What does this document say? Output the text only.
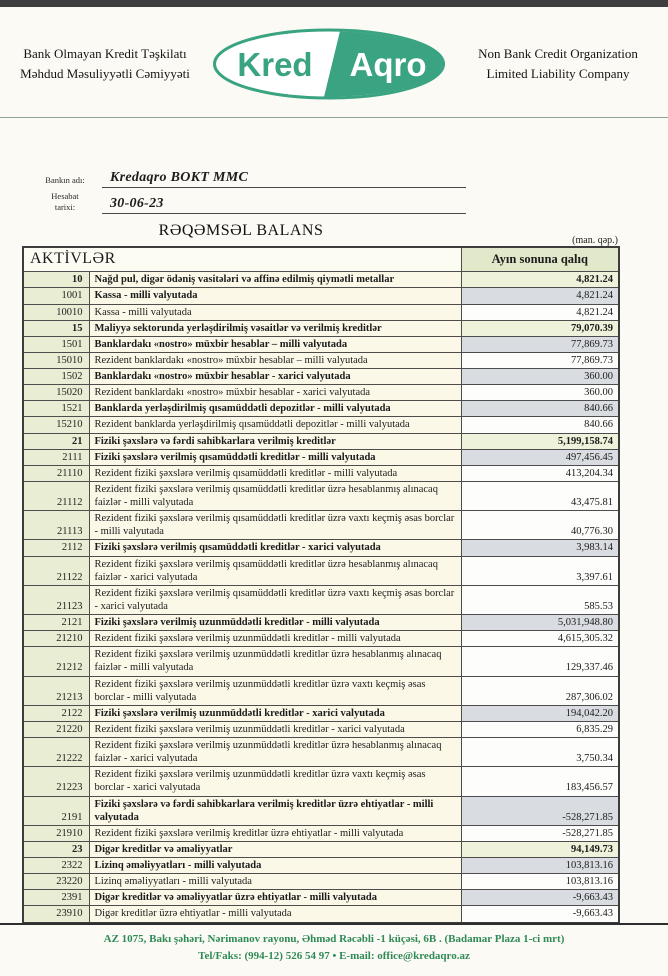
Bank Olmayan Kredit Təşkilatı
Məhdud Məsuliyyətli Cəmiyyəti	Kred Aqro	Non Bank Credit Organization
Limited Liability Company
Bankın adı:	Kredaqro BOKT MMC
Hesabat
tarixi:	30-06-23
RƏQƏMSƏL BALANS
(man. qəp.)
AKTİVLƏR		Ayın sonuna qalıq
10	Nağd pul, digər ödəniş vasitələri və affinə edilmiş qiymətli metallar	4,821.24
1001	Kassa - milli valyutada	4,821.24
10010	Kassa - milli valyutada	4,821.24
15	Maliyyə sektorunda yerləşdirilmiş vəsaitlər və verilmiş kreditlər	79,070.39
1501	Banklardakı «nostro» müxbir hesablar – milli valyutada	77,869.73
15010	Rezident banklardakı «nostro» müxbir hesablar – milli valyutada	77,869.73
1502	Banklardakı «nostro» müxbir hesablar - xarici valyutada	360.00
15020	Rezident banklardakı «nostro» müxbir hesablar - xarici valyutada	360.00
1521	Banklarda yerləşdirilmiş qısamüddətli depozitlər - milli valyutada	840.66
15210	Rezident banklarda yerləşdirilmiş qısamüddətli depozitlər - milli valyutada	840.66
21	Fiziki şəxslərə və fərdi sahibkarlara verilmiş kreditlər	5,199,158.74
2111	Fiziki şəxslərə verilmiş qısamüddətli kreditlər - milli valyutada	497,456.45
21110	Rezident fiziki şəxslərə verilmiş qısamüddətli kreditlər - milli valyutada	413,204.34
21112	Rezident fiziki şəxslərə verilmiş qısamüddətli kreditlər üzrə hesablanmış alınacaq faizlər - milli valyutada	43,475.81
21113	Rezident fiziki şəxslərə verilmiş qısamüddətli kreditlər üzrə vaxtı keçmiş əsas borclar - milli valyutada	40,776.30
2112	Fiziki şəxslərə verilmiş qısamüddətli kreditlər - xarici valyutada	3,983.14
21122	Rezident fiziki şəxslərə verilmiş qısamüddətli kreditlər üzrə hesablanmış alınacaq faizlər - xarici valyutada	3,397.61
21123	Rezident fiziki şəxslərə verilmiş qısamüddətli kreditlər üzrə vaxtı keçmiş əsas borclar - xarici valyutada	585.53
2121	Fiziki şəxslərə verilmiş uzunmüddətli kreditlər - milli valyutada	5,031,948.80
21210	Rezident fiziki şəxslərə verilmiş uzunmüddətli kreditlər - milli valyutada	4,615,305.32
21212	Rezident fiziki şəxslərə verilmiş uzunmüddətli kreditlər üzrə hesablanmış alınacaq faizlər - milli valyutada	129,337.46
21213	Rezident fiziki şəxslərə verilmiş uzunmüddətli kreditlər üzrə vaxtı keçmiş əsas borclar - milli valyutada	287,306.02
2122	Fiziki şəxslərə verilmiş uzunmüddətli kreditlər - xarici valyutada	194,042.20
21220	Rezident fiziki şəxslərə verilmiş uzunmüddətli kreditlər - xarici valyutada	6,835.29
21222	Rezident fiziki şəxslərə verilmiş uzunmüddətli kreditlər üzrə hesablanmış alınacaq faizlər - xarici valyutada	3,750.34
21223	Rezident fiziki şəxslərə verilmiş uzunmüddətli kreditlər üzrə vaxtı keçmiş əsas borclar - xarici valyutada	183,456.57
2191	Fiziki şəxslərə və fərdi sahibkarlara verilmiş kreditlər üzrə ehtiyatlar - milli valyutada	-528,271.85
21910	Rezident fiziki şəxslərə verilmiş kreditlər üzrə ehtiyatlar - milli valyutada	-528,271.85
23	Digər kreditlər və əməliyyatlar	94,149.73
2322	Lizinq əməliyyatları - milli valyutada	103,813.16
23220	Lizinq əməliyyatları - milli valyutada	103,813.16
2391	Digər kreditlər və əməliyyatlar üzrə ehtiyatlar - milli valyutada	-9,663.43
23910	Digər kreditlər üzrə ehtiyatlar - milli valyutada	-9,663.43
AZ 1075, Bakı şəhəri, Nərimanov rayonu, Əhməd Rəcəbli -1 küçəsi, 6B . (Badamar Plaza 1-ci mrt)
Tel/Faks: (994-12) 526 54 97 • E-mail: office@kredaqro.az
